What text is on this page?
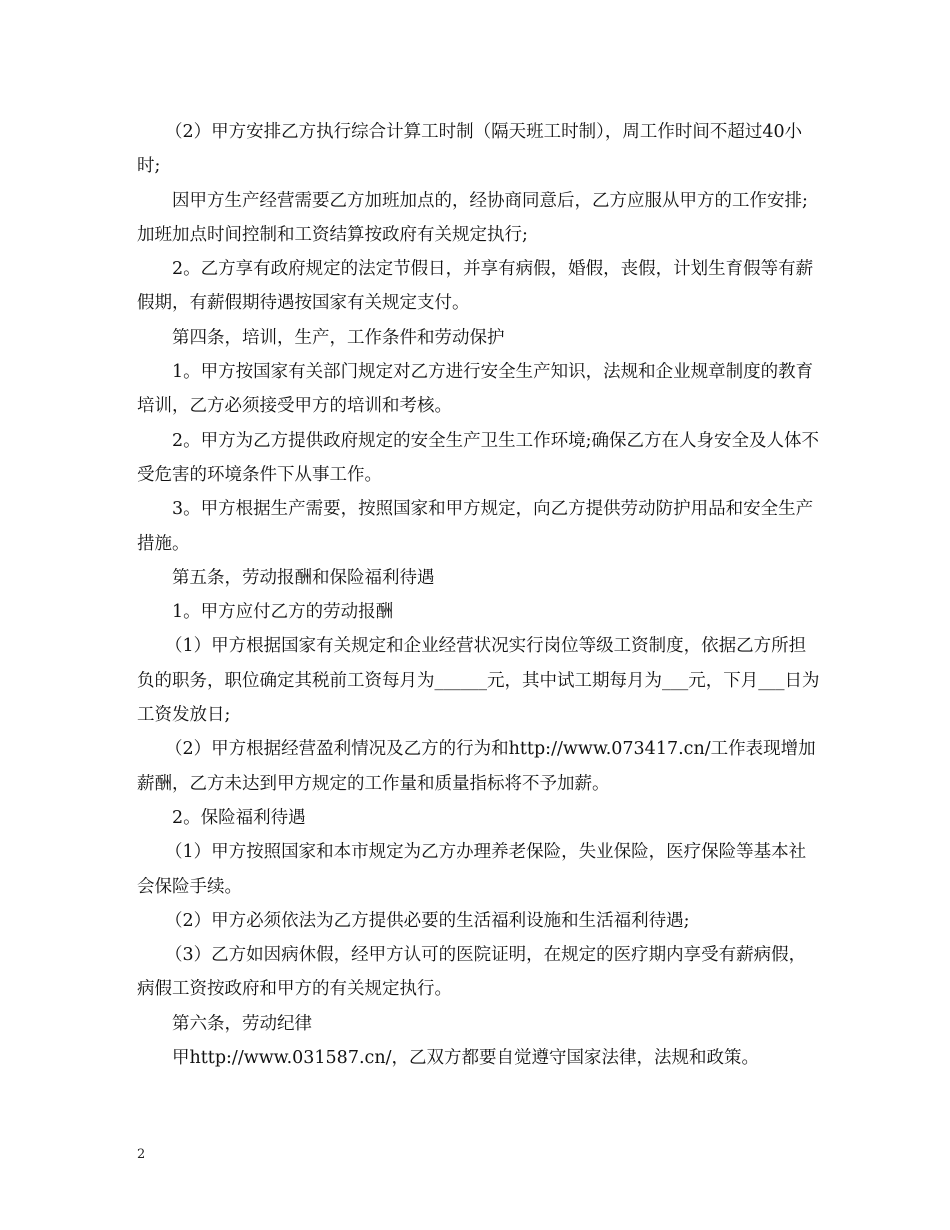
（2）甲方安排乙方执行综合计算工时制（隔天班工时制），周工作时间不超过40小时;

因甲方生产经营需要乙方加班加点的，经协商同意后，乙方应服从甲方的工作安排;加班加点时间控制和工资结算按政府有关规定执行;

2。乙方享有政府规定的法定节假日，并享有病假，婚假，丧假，计划生育假等有薪假期，有薪假期待遇按国家有关规定支付。

第四条，培训，生产，工作条件和劳动保护

1。甲方按国家有关部门规定对乙方进行安全生产知识，法规和企业规章制度的教育培训，乙方必须接受甲方的培训和考核。

2。甲方为乙方提供政府规定的安全生产卫生工作环境;确保乙方在人身安全及人体不受危害的环境条件下从事工作。

3。甲方根据生产需要，按照国家和甲方规定，向乙方提供劳动防护用品和安全生产措施。

第五条，劳动报酬和保险福利待遇

1。甲方应付乙方的劳动报酬

（1）甲方根据国家有关规定和企业经营状况实行岗位等级工资制度，依据乙方所担负的职务，职位确定其税前工资每月为______元，其中试工期每月为___元，下月___日为工资发放日;

（2）甲方根据经营盈利情况及乙方的行为和http://www.073417.cn/工作表现增加薪酬，乙方未达到甲方规定的工作量和质量指标将不予加薪。

2。保险福利待遇

（1）甲方按照国家和本市规定为乙方办理养老保险，失业保险，医疗保险等基本社会保险手续。

（2）甲方必须依法为乙方提供必要的生活福利设施和生活福利待遇;

（3）乙方如因病休假，经甲方认可的医院证明，在规定的医疗期内享受有薪病假，病假工资按政府和甲方的有关规定执行。

第六条，劳动纪律

甲http://www.031587.cn/，乙双方都要自觉遵守国家法律，法规和政策。

2
